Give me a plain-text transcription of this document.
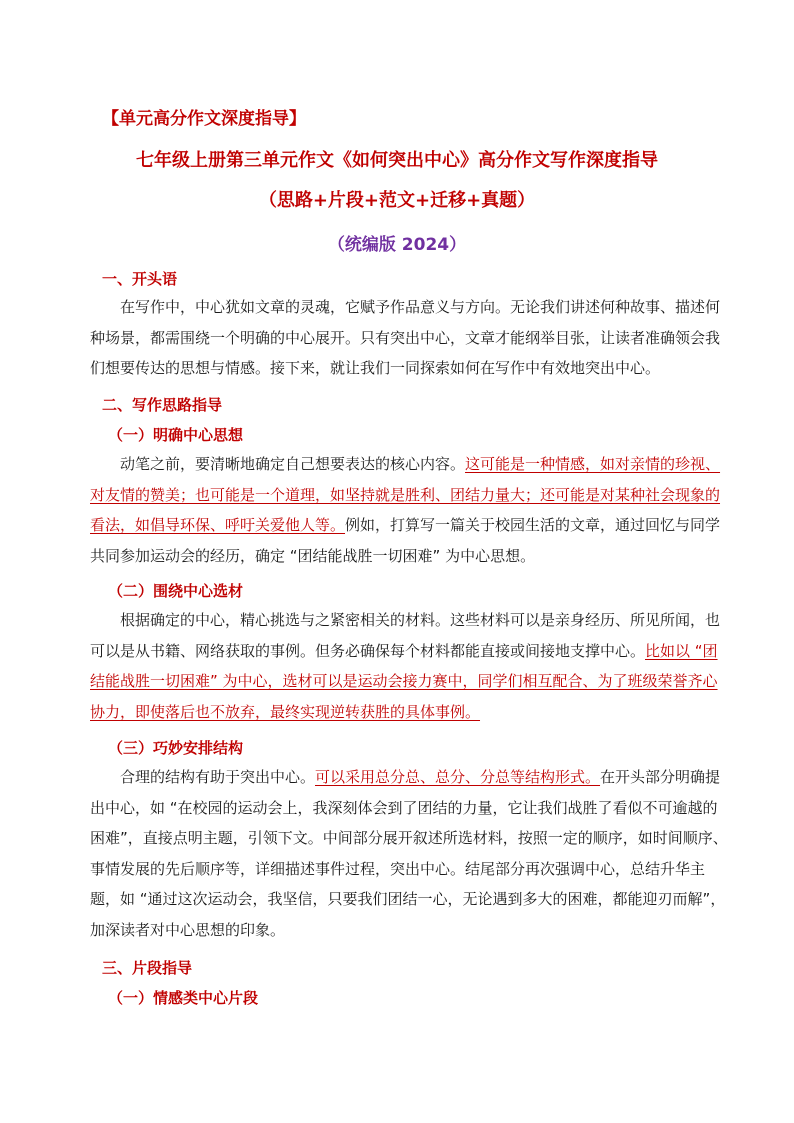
【单元高分作文深度指导】
七年级上册第三单元作文《如何突出中心》高分作文写作深度指导
（思路+片段+范文+迁移+真题）
（统编版 2024）
一、开头语
在写作中，中心犹如文章的灵魂，它赋予作品意义与方向。无论我们讲述何种故事、描述何种场景，都需围绕一个明确的中心展开。只有突出中心，文章才能纲举目张，让读者准确领会我们想要传达的思想与情感。接下来，就让我们一同探索如何在写作中有效地突出中心。
二、写作思路指导
（一）明确中心思想
动笔之前，要清晰地确定自己想要表达的核心内容。这可能是一种情感，如对亲情的珍视、对友情的赞美；也可能是一个道理，如坚持就是胜利、团结力量大；还可能是对某种社会现象的看法，如倡导环保、呼吁关爱他人等。例如，打算写一篇关于校园生活的文章，通过回忆与同学共同参加运动会的经历，确定 “团结能战胜一切困难” 为中心思想。
（二）围绕中心选材
根据确定的中心，精心挑选与之紧密相关的材料。这些材料可以是亲身经历、所见所闻，也可以是从书籍、网络获取的事例。但务必确保每个材料都能直接或间接地支撑中心。比如以 “团结能战胜一切困难” 为中心，选材可以是运动会接力赛中，同学们相互配合、为了班级荣誉齐心协力，即使落后也不放弃，最终实现逆转获胜的具体事例。
（三）巧妙安排结构
合理的结构有助于突出中心。可以采用总分总、总分、分总等结构形式。在开头部分明确提出中心，如 “在校园的运动会上，我深刻体会到了团结的力量，它让我们战胜了看似不可逾越的困难”，直接点明主题，引领下文。中间部分展开叙述所选材料，按照一定的顺序，如时间顺序、事情发展的先后顺序等，详细描述事件过程，突出中心。结尾部分再次强调中心，总结升华主题，如 “通过这次运动会，我坚信，只要我们团结一心，无论遇到多大的困难，都能迎刃而解”，加深读者对中心思想的印象。
三、片段指导
（一）情感类中心片段
